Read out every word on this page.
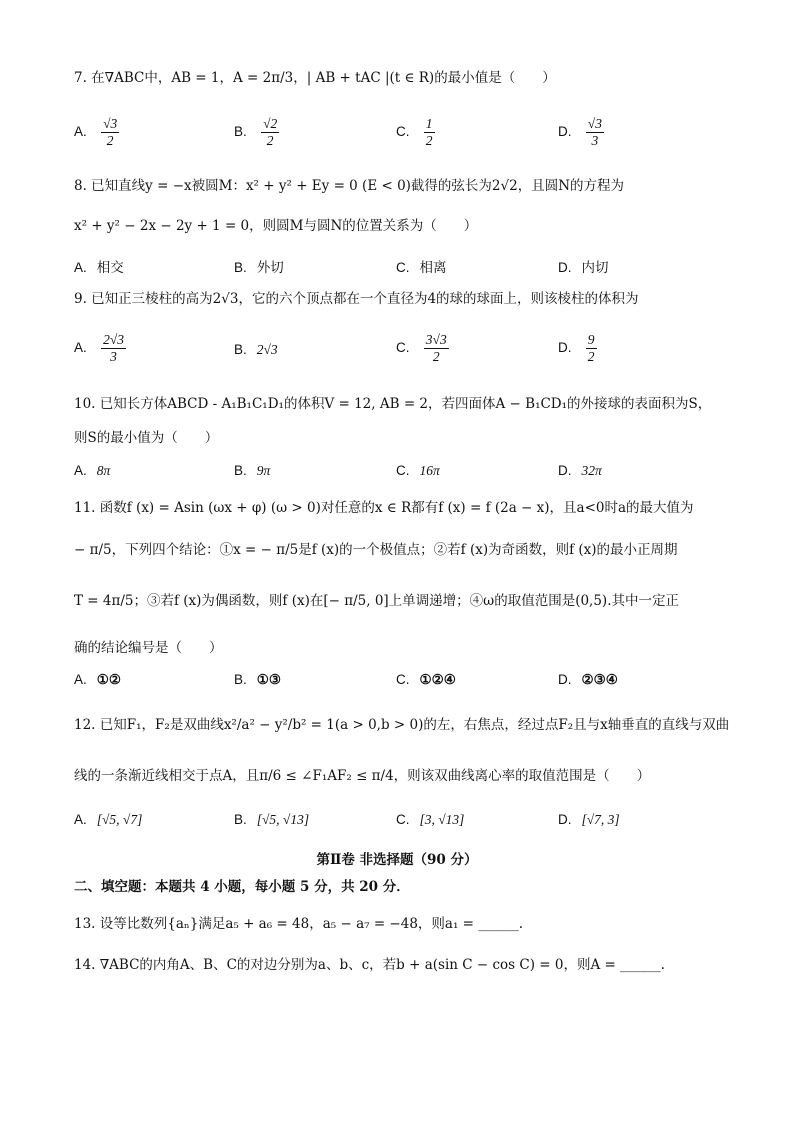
7. 在∇ABC中，AB = 1，A = 2π/3，| AB + tAC |(t ∈ R)的最小值是（　　）
A. $\frac{√3}{2}$	B. $\frac{√2}{2}$	C. $\frac{1}{2}$	D. $\frac{√3}{3}$
8. 已知直线y = −x被圆M：x² + y² + Ey = 0 (E < 0)截得的弦长为2√2，且圆N的方程为
x² + y² − 2x − 2y + 1 = 0，则圆M与圆N的位置关系为（　　）
A. 相交	B. 外切	C. 相离	D. 内切
9. 已知正三棱柱的高为2√3，它的六个顶点都在一个直径为4的球的球面上，则该棱柱的体积为
A. $\frac{2√3}{3}$	B. 2√3	C. $\frac{3√3}{2}$	D. $\frac{9}{2}$
10. 已知长方体ABCD - A₁B₁C₁D₁的体积V = 12, AB = 2，若四面体A − B₁CD₁的外接球的表面积为S，
则S的最小值为（　　）
A. 8π	B. 9π	C. 16π	D. 32π
11. 函数f (x) = Asin (ωx + φ) (ω > 0)对任意的x ∈ R都有f (x) = f (2a − x)，且a<0时a的最大值为
− π/5，下列四个结论：①x = − π/5是f (x)的一个极值点；②若f (x)为奇函数，则f (x)的最小正周期
T = 4π/5；③若f (x)为偶函数，则f (x)在[− π/5, 0]上单调递增；④ω的取值范围是(0,5).其中一定正
确的结论编号是（　　）
A. ①②	B. ①③	C. ①②④	D. ②③④
12. 已知F₁，F₂是双曲线x²/a² − y²/b² = 1(a > 0,b > 0)的左，右焦点，经过点F₂且与x轴垂直的直线与双曲
线的一条渐近线相交于点A，且π/6 ≤ ∠F₁AF₂ ≤ π/4，则该双曲线离心率的取值范围是（　　）
A. [√5, √7]	B. [√5, √13]	C. [3, √13]	D. [√7, 3]
第Ⅱ卷 非选择题（90 分）
二、填空题：本题共 4 小题，每小题 5 分，共 20 分．
13. 设等比数列{aₙ}满足a₅ + a₆ = 48，a₅ − a₇ = −48，则a₁ = ______.
14. ∇ABC的内角A、B、C的对边分别为a、b、c，若b + a(sin C − cos C) = 0，则A = ______.
